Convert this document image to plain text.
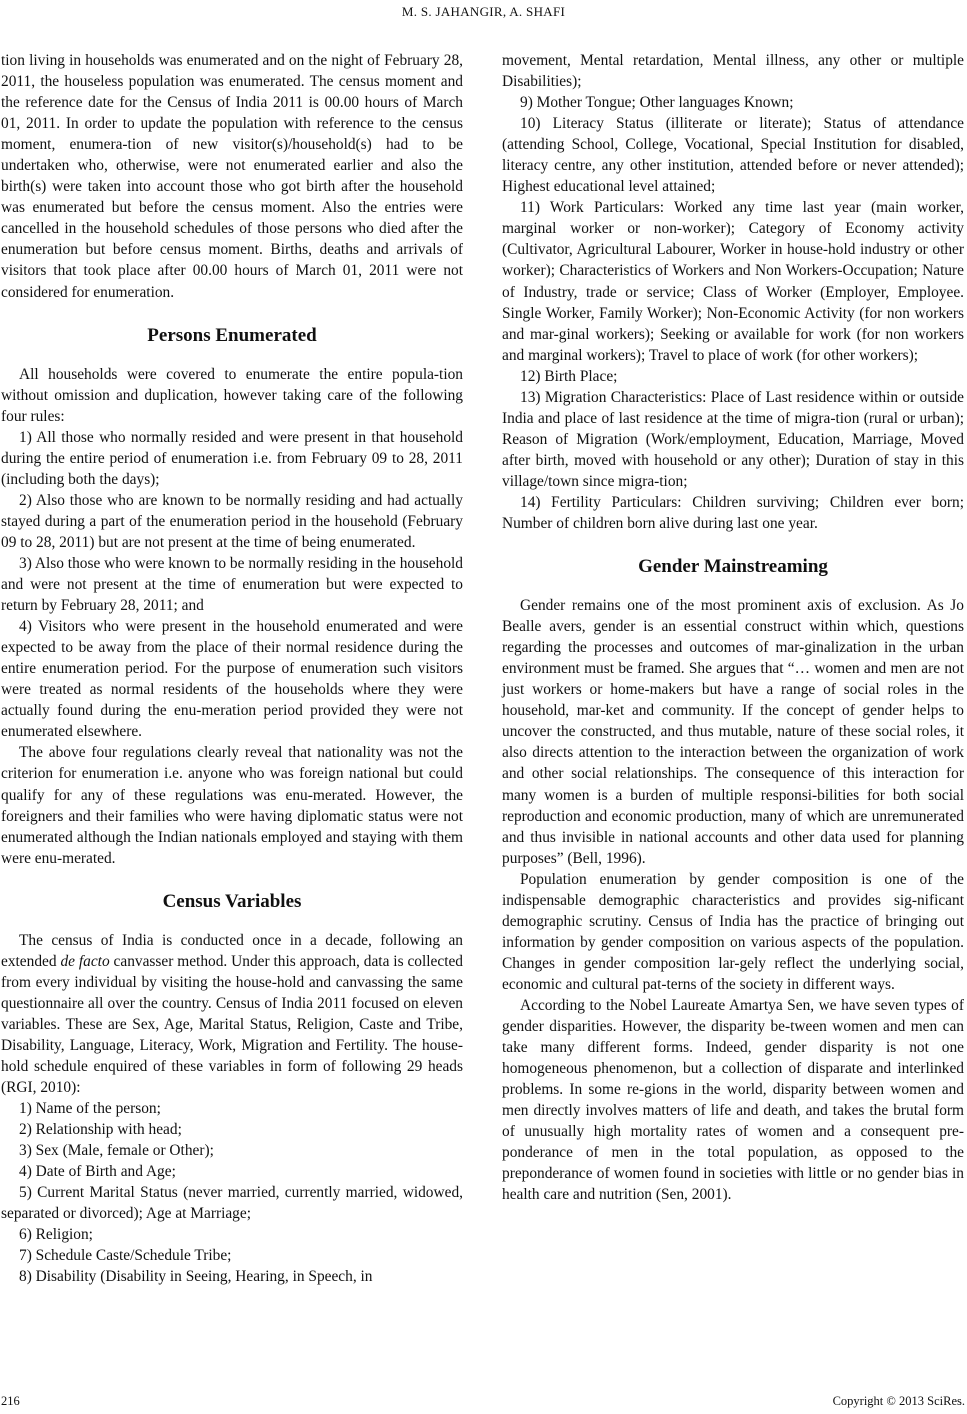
M. S. JAHANGIR, A. SHAFI

tion living in households was enumerated and on the night of February 28, 2011, the houseless population was enumerated. The census moment and the reference date for the Census of India 2011 is 00.00 hours of March 01, 2011. In order to update the population with reference to the census moment, enumera-tion of new visitor(s)/household(s) had to be undertaken who, otherwise, were not enumerated earlier and also the birth(s) were taken into account those who got birth after the household was enumerated but before the census moment. Also the entries were cancelled in the household schedules of those persons who died after the enumeration but before census moment. Births, deaths and arrivals of visitors that took place after 00.00 hours of March 01, 2011 were not considered for enumeration.

Persons Enumerated

All households were covered to enumerate the entire popula-tion without omission and duplication, however taking care of the following four rules:

1) All those who normally resided and were present in that household during the entire period of enumeration i.e. from February 09 to 28, 2011 (including both the days);

2) Also those who are known to be normally residing and had actually stayed during a part of the enumeration period in the household (February 09 to 28, 2011) but are not present at the time of being enumerated.

3) Also those who were known to be normally residing in the household and were not present at the time of enumeration but were expected to return by February 28, 2011; and

4) Visitors who were present in the household enumerated and were expected to be away from the place of their normal residence during the entire enumeration period. For the purpose of enumeration such visitors were treated as normal residents of the households where they were actually found during the enu-meration period provided they were not enumerated elsewhere.

The above four regulations clearly reveal that nationality was not the criterion for enumeration i.e. anyone who was foreign national but could qualify for any of these regulations was enu-merated. However, the foreigners and their families who were having diplomatic status were not enumerated although the Indian nationals employed and staying with them were enu-merated.

Census Variables

The census of India is conducted once in a decade, following an extended de facto canvasser method. Under this approach, data is collected from every individual by visiting the house-hold and canvassing the same questionnaire all over the country. Census of India 2011 focused on eleven variables. These are Sex, Age, Marital Status, Religion, Caste and Tribe, Disability, Language, Literacy, Work, Migration and Fertility. The house-hold schedule enquired of these variables in form of following 29 heads (RGI, 2010):

1) Name of the person;

2) Relationship with head;

3) Sex (Male, female or Other);

4) Date of Birth and Age;

5) Current Marital Status (never married, currently married, widowed, separated or divorced); Age at Marriage;

6) Religion;

7) Schedule Caste/Schedule Tribe;

8) Disability (Disability in Seeing, Hearing, in Speech, in

movement, Mental retardation, Mental illness, any other or multiple Disabilities);

9) Mother Tongue; Other languages Known;

10) Literacy Status (illiterate or literate); Status of attendance (attending School, College, Vocational, Special Institution for disabled, literacy centre, any other institution, attended before or never attended); Highest educational level attained;

11) Work Particulars: Worked any time last year (main worker, marginal worker or non-worker); Category of Economy activity (Cultivator, Agricultural Labourer, Worker in house-hold industry or other worker); Characteristics of Workers and Non Workers-Occupation; Nature of Industry, trade or service; Class of Worker (Employer, Employee. Single Worker, Family Worker); Non-Economic Activity (for non workers and mar-ginal workers); Seeking or available for work (for non workers and marginal workers); Travel to place of work (for other workers);

12) Birth Place;

13) Migration Characteristics: Place of Last residence within or outside India and place of last residence at the time of migra-tion (rural or urban); Reason of Migration (Work/employment, Education, Marriage, Moved after birth, moved with household or any other); Duration of stay in this village/town since migra-tion;

14) Fertility Particulars: Children surviving; Children ever born; Number of children born alive during last one year.

Gender Mainstreaming

Gender remains one of the most prominent axis of exclusion. As Jo Bealle avers, gender is an essential construct within which, questions regarding the processes and outcomes of mar-ginalization in the urban environment must be framed. She argues that “… women and men are not just workers or home-makers but have a range of social roles in the household, mar-ket and community. If the concept of gender helps to uncover the constructed, and thus mutable, nature of these social roles, it also directs attention to the interaction between the organization of work and other social relationships. The consequence of this interaction for many women is a burden of multiple responsi-bilities for both social reproduction and economic production, many of which are unremunerated and thus invisible in national accounts and other data used for planning purposes” (Bell, 1996).

Population enumeration by gender composition is one of the indispensable demographic characteristics and provides sig-nificant demographic scrutiny. Census of India has the practice of bringing out information by gender composition on various aspects of the population. Changes in gender composition lar-gely reflect the underlying social, economic and cultural pat-terns of the society in different ways.

According to the Nobel Laureate Amartya Sen, we have seven types of gender disparities. However, the disparity be-tween women and men can take many different forms. Indeed, gender disparity is not one homogeneous phenomenon, but a collection of disparate and interlinked problems. In some re-gions in the world, disparity between women and men directly involves matters of life and death, and takes the brutal form of unusually high mortality rates of women and a consequent pre-ponderance of men in the total population, as opposed to the preponderance of women found in societies with little or no gender bias in health care and nutrition (Sen, 2001).

216	Copyright © 2013 SciRes.
